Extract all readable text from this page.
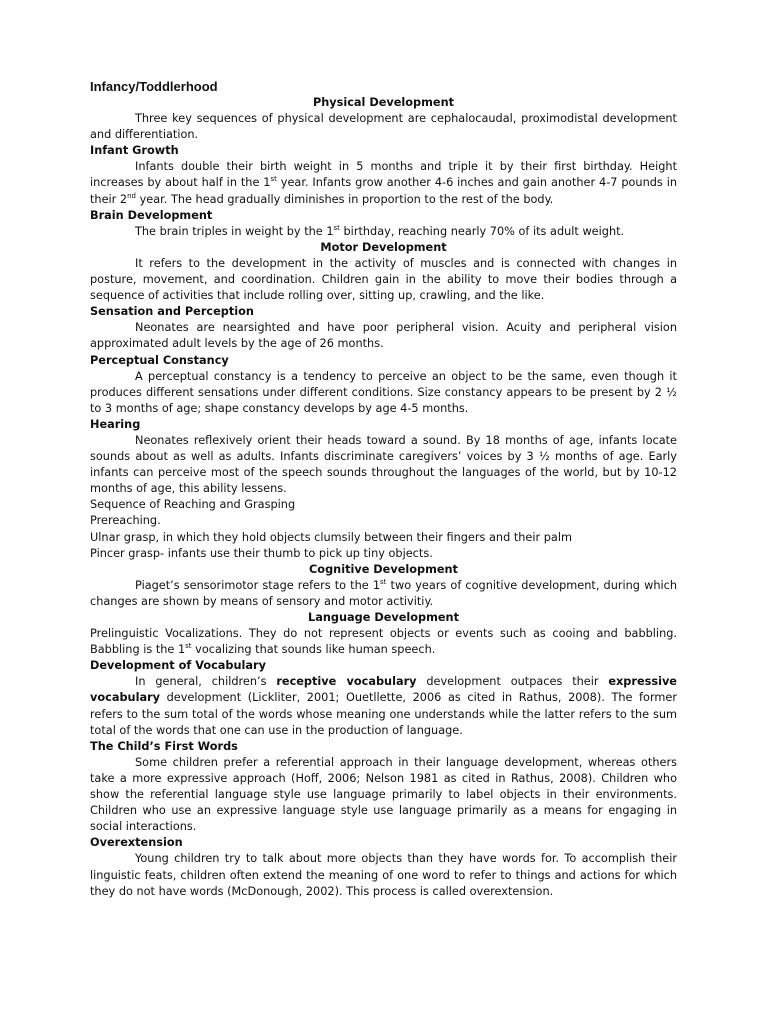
Infancy/Toddlerhood
Physical Development
Three key sequences of physical development are cephalocaudal, proximodistal development and differentiation.
Infant Growth
Infants double their birth weight in 5 months and triple it by their first birthday. Height increases by about half in the 1st year. Infants grow another 4-6 inches and gain another 4-7 pounds in their 2nd year. The head gradually diminishes in proportion to the rest of the body.
Brain Development
The brain triples in weight by the 1st birthday, reaching nearly 70% of its adult weight.
Motor Development
It refers to the development in the activity of muscles and is connected with changes in posture, movement, and coordination. Children gain in the ability to move their bodies through a sequence of activities that include rolling over, sitting up, crawling, and the like.
Sensation and Perception
Neonates are nearsighted and have poor peripheral vision. Acuity and peripheral vision approximated adult levels by the age of 26 months.
Perceptual Constancy
A perceptual constancy is a tendency to perceive an object to be the same, even though it produces different sensations under different conditions. Size constancy appears to be present by 2 ½ to 3 months of age; shape constancy develops by age 4-5 months.
Hearing
Neonates reflexively orient their heads toward a sound. By 18 months of age, infants locate sounds about as well as adults. Infants discriminate caregivers’ voices by 3 ½ months of age. Early infants can perceive most of the speech sounds throughout the languages of the world, but by 10-12 months of age, this ability lessens.
Sequence of Reaching and Grasping
Prereaching.
Ulnar grasp, in which they hold objects clumsily between their fingers and their palm
Pincer grasp- infants use their thumb to pick up tiny objects.
Cognitive Development
Piaget’s sensorimotor stage refers to the 1st two years of cognitive development, during which changes are shown by means of sensory and motor activitiy.
Language Development
Prelinguistic Vocalizations. They do not represent objects or events such as cooing and babbling. Babbling is the 1st vocalizing that sounds like human speech.
Development of Vocabulary
In general, children’s receptive vocabulary development outpaces their expressive vocabulary development (Lickliter, 2001; Ouetllette, 2006 as cited in Rathus, 2008). The former refers to the sum total of the words whose meaning one understands while the latter refers to the sum total of the words that one can use in the production of language.
The Child’s First Words
Some children prefer a referential approach in their language development, whereas others take a more expressive approach (Hoff, 2006; Nelson 1981 as cited in Rathus, 2008). Children who show the referential language style use language primarily to label objects in their environments. Children who use an expressive language style use language primarily as a means for engaging in social interactions.
Overextension
Young children try to talk about more objects than they have words for. To accomplish their linguistic feats, children often extend the meaning of one word to refer to things and actions for which they do not have words (McDonough, 2002). This process is called overextension.
